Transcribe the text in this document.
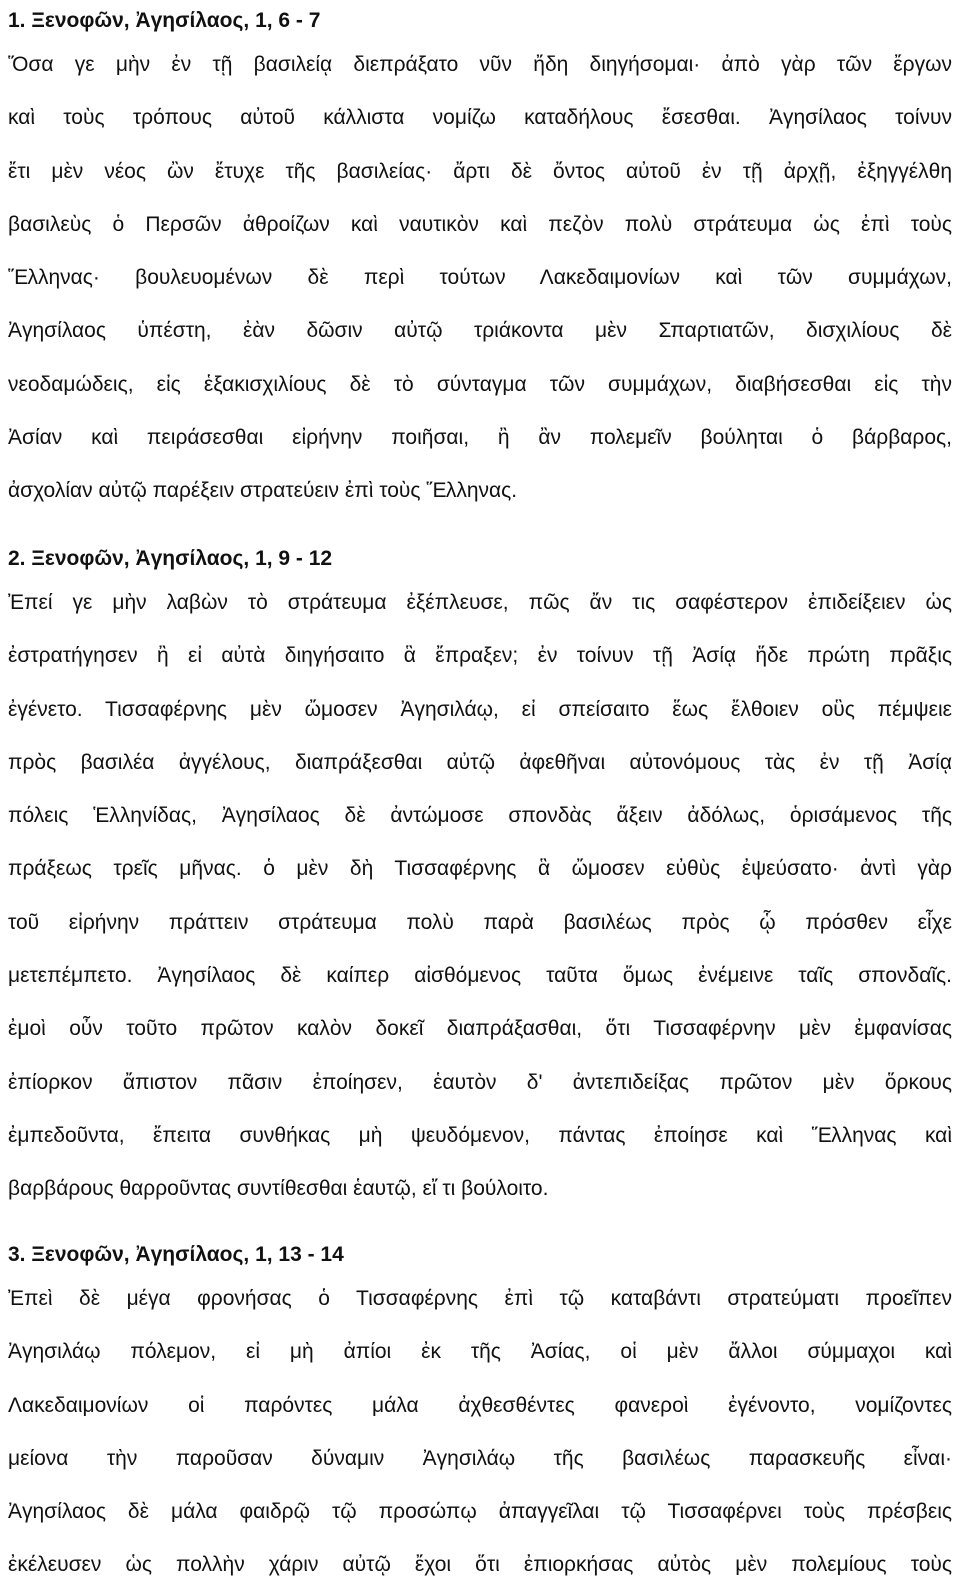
1. Ξενοφῶν, Ἀγησίλαος, 1, 6 - 7
Ὅσα γε μὴν ἐν τῇ βασιλείᾳ διεπράξατο νῦν ἤδη διηγήσομαι· ἀπὸ γὰρ τῶν ἔργων
καὶ τοὺς τρόπους αὐτοῦ κάλλιστα νομίζω καταδήλους ἔσεσθαι. Ἀγησίλαος τοίνυν
ἔτι μὲν νέος ὢν ἔτυχε τῆς βασιλείας· ἄρτι δὲ ὄντος αὐτοῦ ἐν τῇ ἀρχῇ, ἐξηγγέλθη
βασιλεὺς ὁ Περσῶν ἀθροίζων καὶ ναυτικὸν καὶ πεζὸν πολὺ στράτευμα ὡς ἐπὶ τοὺς
Ἕλληνας· βουλευομένων δὲ περὶ τούτων Λακεδαιμονίων καὶ τῶν συμμάχων,
Ἀγησίλαος ὑπέστη, ἐὰν δῶσιν αὐτῷ τριάκοντα μὲν Σπαρτιατῶν, δισχιλίους δὲ
νεοδαμώδεις, εἰς ἑξακισχιλίους δὲ τὸ σύνταγμα τῶν συμμάχων, διαβήσεσθαι εἰς τὴν
Ἀσίαν καὶ πειράσεσθαι εἰρήνην ποιῆσαι, ἢ ἂν πολεμεῖν βούληται ὁ βάρβαρος,
ἀσχολίαν αὐτῷ παρέξειν στρατεύειν ἐπὶ τοὺς Ἕλληνας.
2. Ξενοφῶν, Ἀγησίλαος, 1, 9 - 12
Ἐπεί γε μὴν λαβὼν τὸ στράτευμα ἐξέπλευσε, πῶς ἄν τις σαφέστερον ἐπιδείξειεν ὡς
ἐστρατήγησεν ἢ εἰ αὐτὰ διηγήσαιτο ἃ ἔπραξεν; ἐν τοίνυν τῇ Ἀσίᾳ ἥδε πρώτη πρᾶξις
ἐγένετο. Τισσαφέρνης μὲν ὤμοσεν Ἀγησιλάῳ, εἰ σπείσαιτο ἕως ἔλθοιεν οὓς πέμψειε
πρὸς βασιλέα ἀγγέλους, διαπράξεσθαι αὐτῷ ἀφεθῆναι αὐτονόμους τὰς ἐν τῇ Ἀσίᾳ
πόλεις Ἑλληνίδας, Ἀγησίλαος δὲ ἀντώμοσε σπονδὰς ἄξειν ἀδόλως, ὁρισάμενος τῆς
πράξεως τρεῖς μῆνας. ὁ μὲν δὴ Τισσαφέρνης ἃ ὤμοσεν εὐθὺς ἐψεύσατο· ἀντὶ γὰρ
τοῦ εἰρήνην πράττειν στράτευμα πολὺ παρὰ βασιλέως πρὸς ᾧ πρόσθεν εἶχε
μετεπέμπετο. Ἀγησίλαος δὲ καίπερ αἰσθόμενος ταῦτα ὅμως ἐνέμεινε ταῖς σπονδαῖς.
ἐμοὶ οὖν τοῦτο πρῶτον καλὸν δοκεῖ διαπράξασθαι, ὅτι Τισσαφέρνην μὲν ἐμφανίσας
ἐπίορκον ἄπιστον πᾶσιν ἐποίησεν, ἑαυτὸν δ' ἀντεπιδείξας πρῶτον μὲν ὅρκους
ἐμπεδοῦντα, ἔπειτα συνθήκας μὴ ψευδόμενον, πάντας ἐποίησε καὶ Ἕλληνας καὶ
βαρβάρους θαρροῦντας συντίθεσθαι ἑαυτῷ, εἴ τι βούλοιτο.
3. Ξενοφῶν, Ἀγησίλαος, 1, 13 - 14
Ἐπεὶ δὲ μέγα φρονήσας ὁ Τισσαφέρνης ἐπὶ τῷ καταβάντι στρατεύματι προεῖπεν
Ἀγησιλάῳ πόλεμον, εἰ μὴ ἀπίοι ἐκ τῆς Ἀσίας, οἱ μὲν ἄλλοι σύμμαχοι καὶ
Λακεδαιμονίων οἱ παρόντες μάλα ἀχθεσθέντες φανεροὶ ἐγένοντο, νομίζοντες
μείονα τὴν παροῦσαν δύναμιν Ἀγησιλάῳ τῆς βασιλέως παρασκευῆς εἶναι·
Ἀγησίλαος δὲ μάλα φαιδρῷ τῷ προσώπῳ ἀπαγγεῖλαι τῷ Τισσαφέρνει τοὺς πρέσβεις
ἐκέλευσεν ὡς πολλὴν χάριν αὐτῷ ἔχοι ὅτι ἐπιορκήσας αὐτὸς μὲν πολεμίους τοὺς
